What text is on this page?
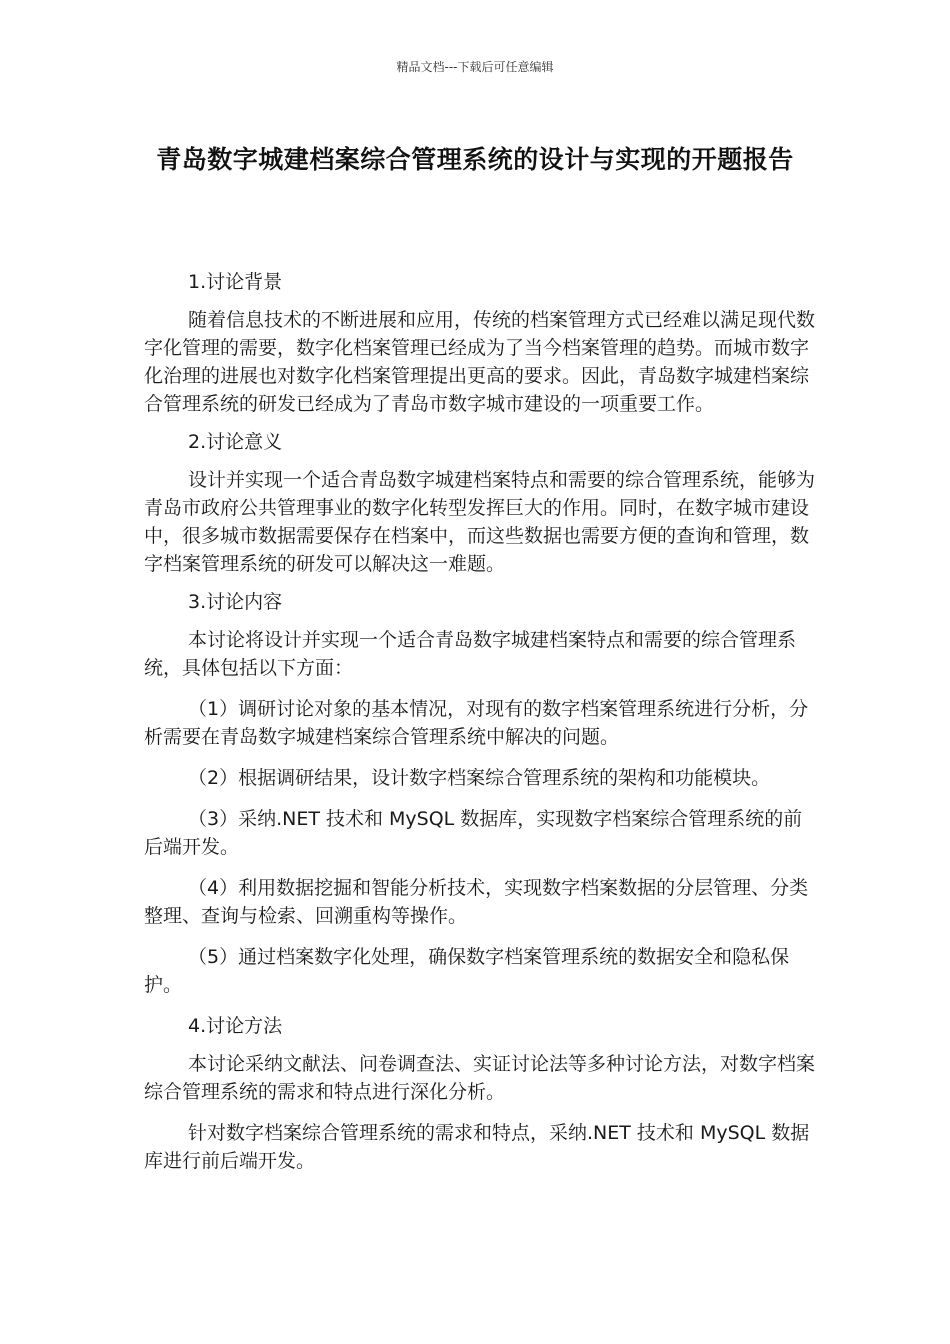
精品文档---下载后可任意编辑
青岛数字城建档案综合管理系统的设计与实现的开题报告

1.讨论背景

随着信息技术的不断进展和应用，传统的档案管理方式已经难以满足现代数字化管理的需要，数字化档案管理已经成为了当今档案管理的趋势。而城市数字化治理的进展也对数字化档案管理提出更高的要求。因此，青岛数字城建档案综合管理系统的研发已经成为了青岛市数字城市建设的一项重要工作。

2.讨论意义

设计并实现一个适合青岛数字城建档案特点和需要的综合管理系统，能够为青岛市政府公共管理事业的数字化转型发挥巨大的作用。同时，在数字城市建设中，很多城市数据需要保存在档案中，而这些数据也需要方便的查询和管理，数字档案管理系统的研发可以解决这一难题。

3.讨论内容

本讨论将设计并实现一个适合青岛数字城建档案特点和需要的综合管理系统，具体包括以下方面：

（1）调研讨论对象的基本情况，对现有的数字档案管理系统进行分析，分析需要在青岛数字城建档案综合管理系统中解决的问题。

（2）根据调研结果，设计数字档案综合管理系统的架构和功能模块。

（3）采纳.NET 技术和 MySQL 数据库，实现数字档案综合管理系统的前后端开发。

（4）利用数据挖掘和智能分析技术，实现数字档案数据的分层管理、分类整理、查询与检索、回溯重构等操作。

（5）通过档案数字化处理，确保数字档案管理系统的数据安全和隐私保护。

4.讨论方法

本讨论采纳文献法、问卷调查法、实证讨论法等多种讨论方法，对数字档案综合管理系统的需求和特点进行深化分析。

针对数字档案综合管理系统的需求和特点，采纳.NET 技术和 MySQL 数据库进行前后端开发。
